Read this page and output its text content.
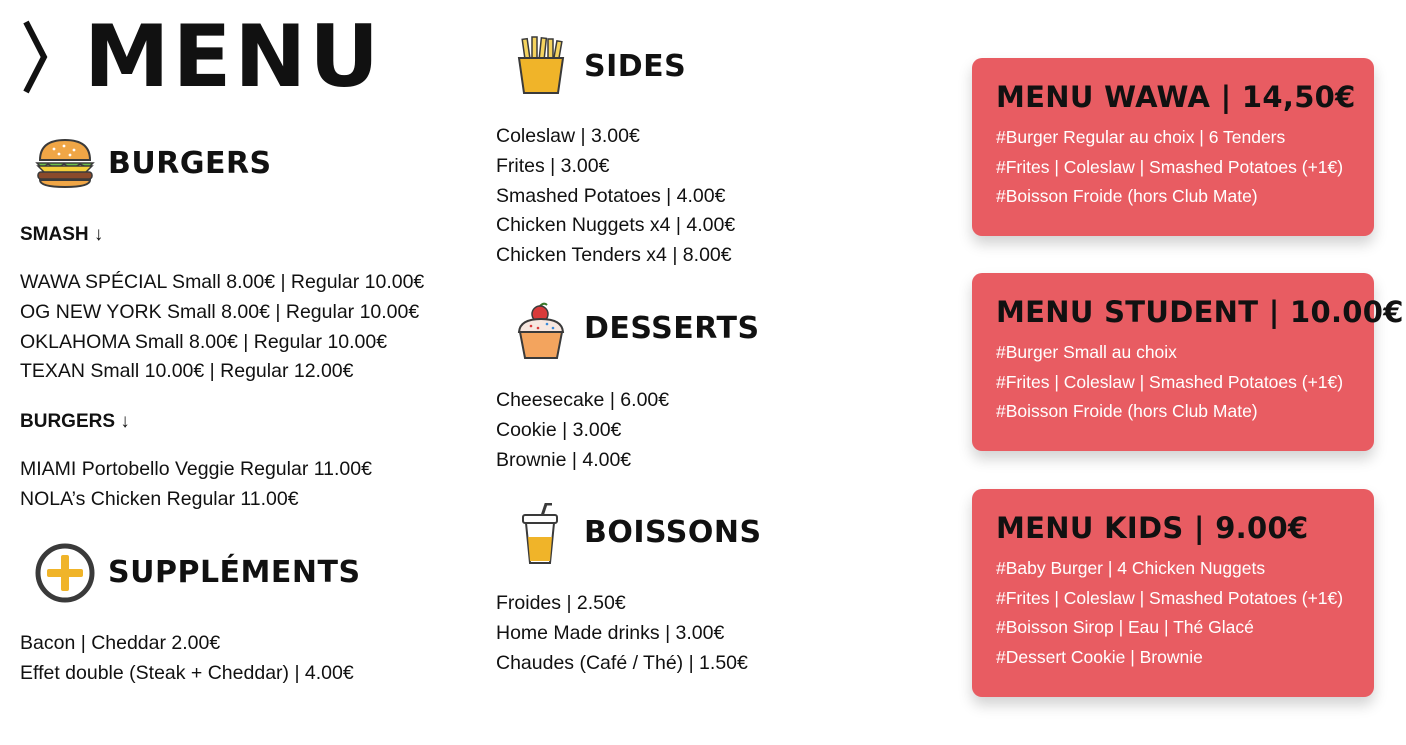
MENU
BURGERS
SMASH ↓
WAWA SPÉCIAL Small 8.00€ | Regular 10.00€
OG NEW YORK Small 8.00€ | Regular 10.00€
OKLAHOMA Small 8.00€ | Regular 10.00€
TEXAN Small 10.00€ | Regular 12.00€
BURGERS ↓
MIAMI Portobello Veggie Regular 11.00€
NOLA’s Chicken Regular 11.00€
SUPPLÉMENTS
Bacon | Cheddar 2.00€
Effet double (Steak + Cheddar) | 4.00€
SIDES
Coleslaw | 3.00€
Frites | 3.00€
Smashed Potatoes | 4.00€
Chicken Nuggets x4 | 4.00€
Chicken Tenders x4 | 8.00€
DESSERTS
Cheesecake | 6.00€
Cookie | 3.00€
Brownie | 4.00€
BOISSONS
Froides | 2.50€
Home Made drinks | 3.00€
Chaudes (Café / Thé) | 1.50€
MENU WAWA | 14,50€
#Burger Regular au choix | 6 Tenders
#Frites | Coleslaw | Smashed Potatoes (+1€)
#Boisson Froide (hors Club Mate)
MENU STUDENT | 10.00€
#Burger Small au choix
#Frites | Coleslaw | Smashed Potatoes (+1€)
#Boisson Froide (hors Club Mate)
MENU KIDS | 9.00€
#Baby Burger | 4 Chicken Nuggets
#Frites | Coleslaw | Smashed Potatoes (+1€)
#Boisson Sirop | Eau | Thé Glacé
#Dessert Cookie | Brownie
